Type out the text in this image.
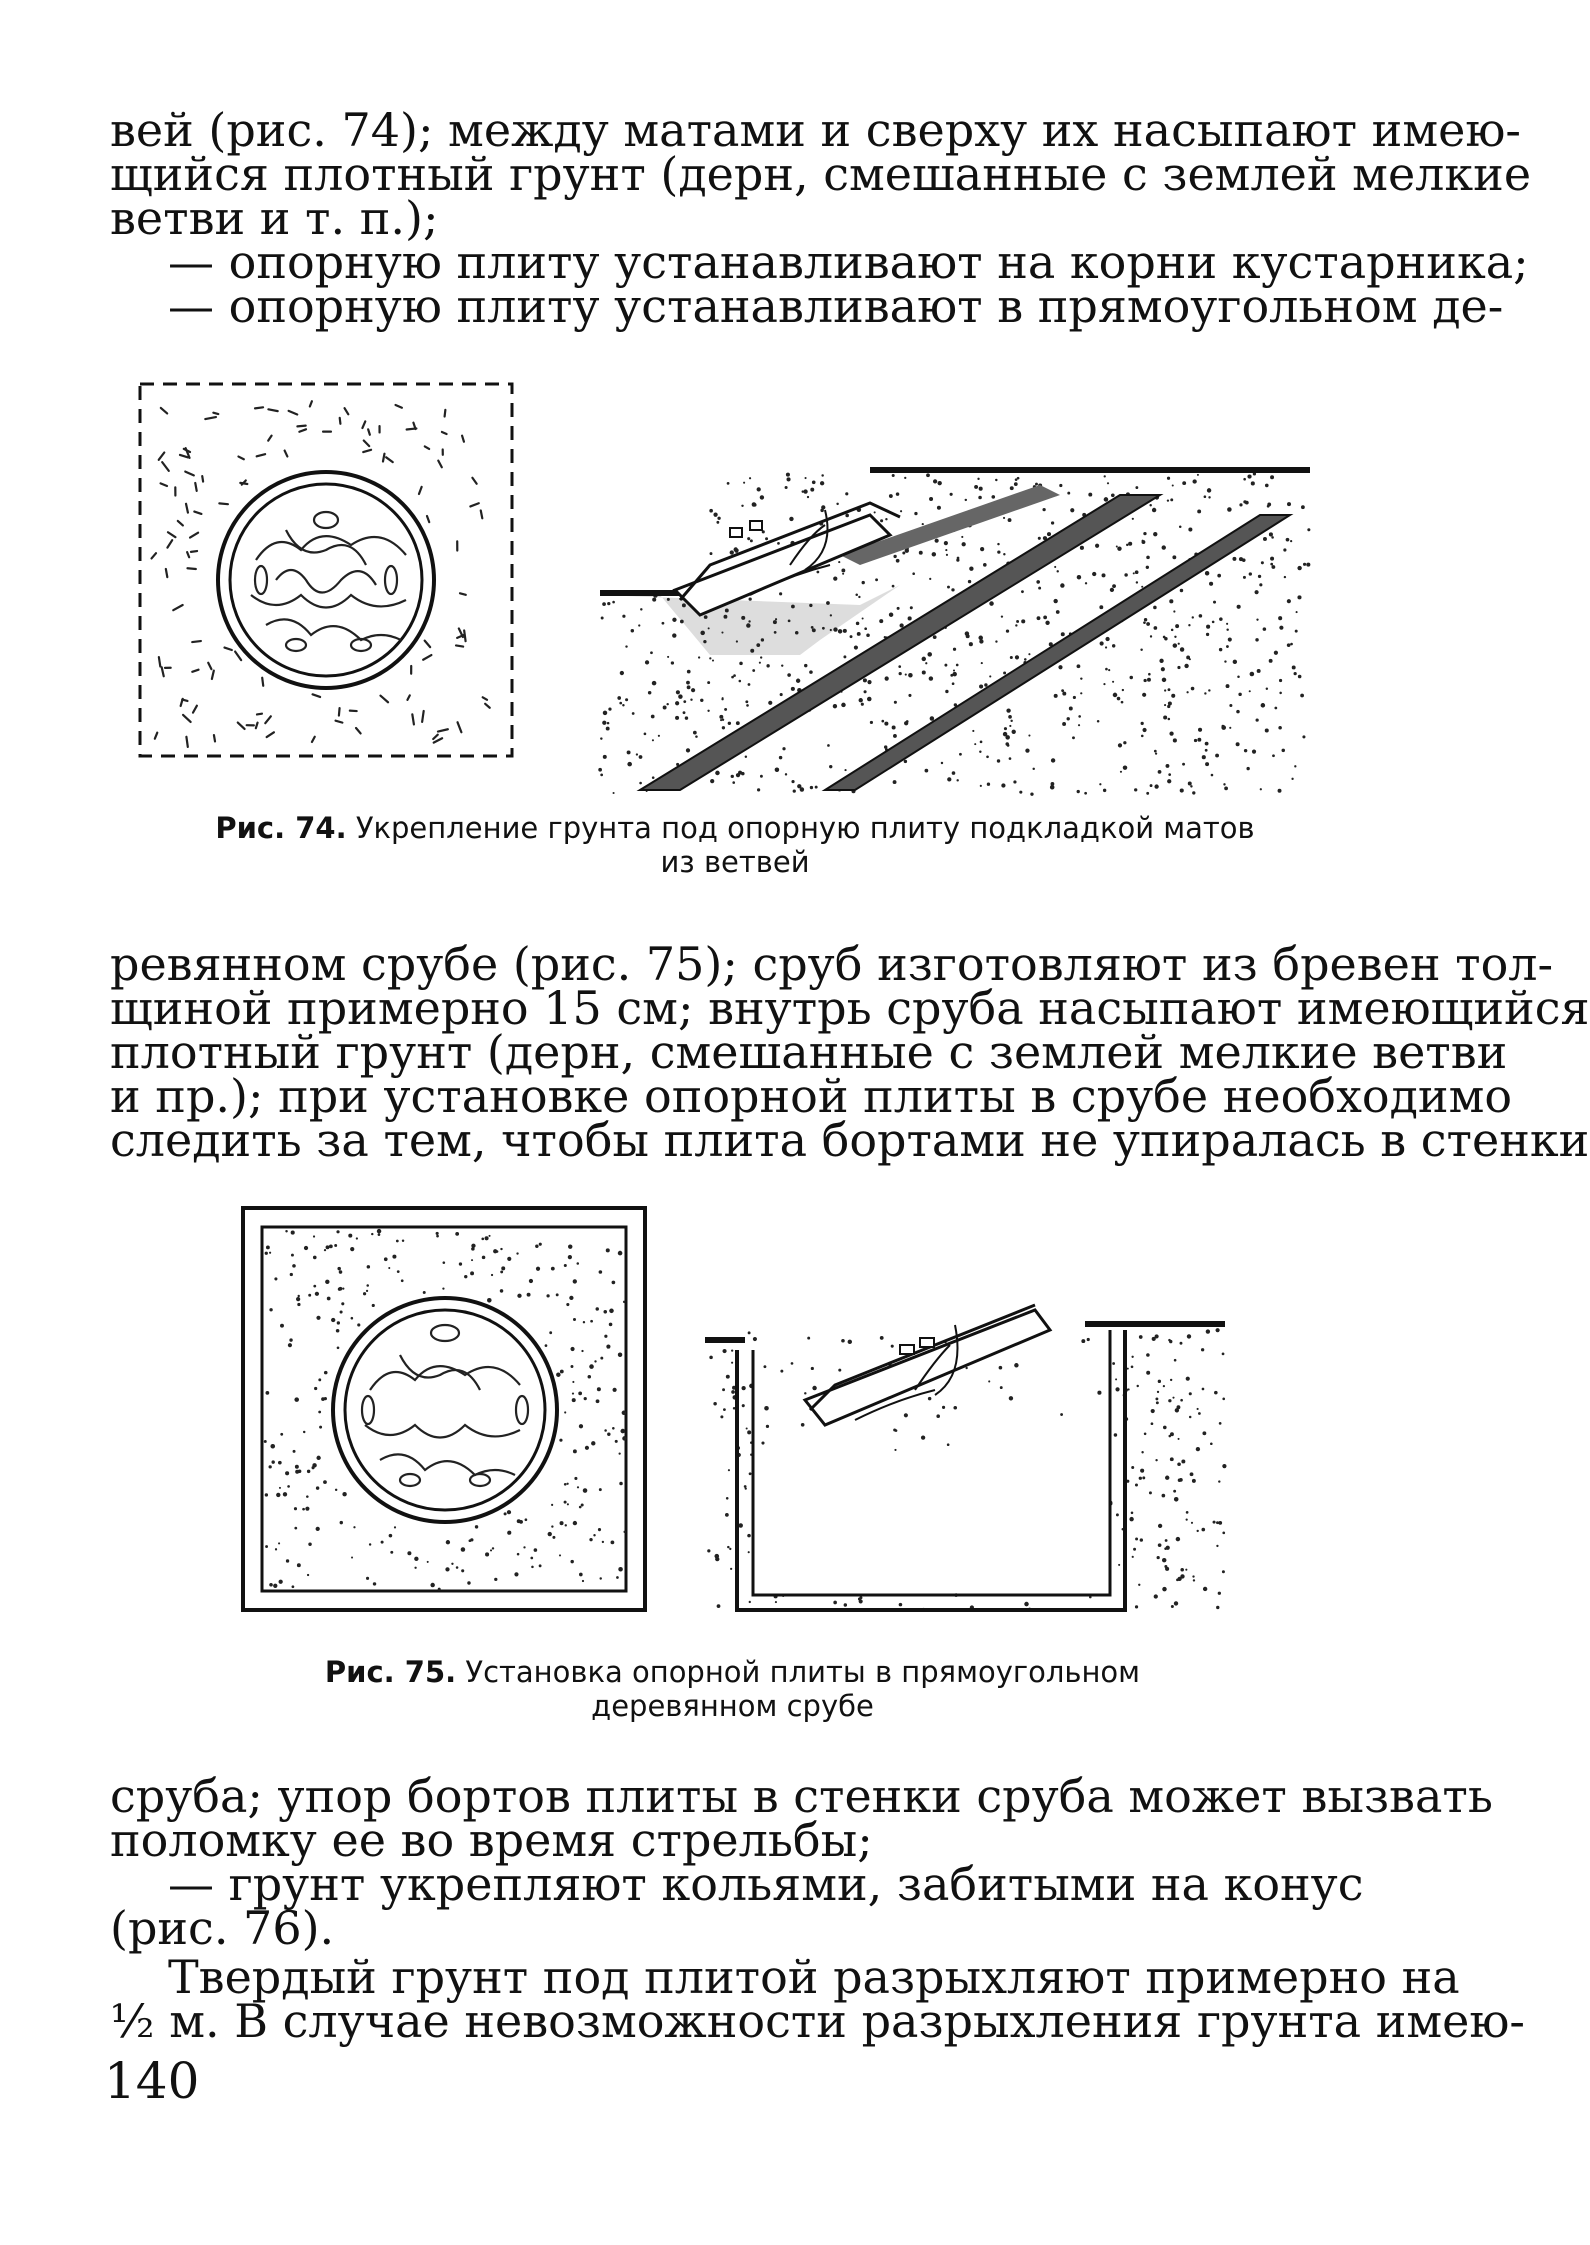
вей (рис. 74); между матами и сверху их насыпают имею-
щийся плотный грунт (дерн, смешанные с землей мелкие
ветви и т. п.);
— опорную плиту устанавливают на корни кустарника;
— опорную плиту устанавливают в прямоугольном де-

Рис. 74. Укрепление грунта под опорную плиту подкладкой матов
из ветвей

ревянном срубе (рис. 75); сруб изготовляют из бревен тол-
щиной примерно 15 см; внутрь сруба насыпают имеющийся
плотный грунт (дерн, смешанные с землей мелкие ветви
и пр.); при установке опорной плиты в срубе необходимо
следить за тем, чтобы плита бортами не упиралась в стенки

Рис. 75. Установка опорной плиты в прямоугольном
деревянном срубе

сруба; упор бортов плиты в стенки сруба может вызвать
поломку ее во время стрельбы;
— грунт укрепляют кольями, забитыми на конус
(рис. 76).
Твердый грунт под плитой разрыхляют примерно на
½ м. В случае невозможности разрыхления грунта имею-
140
